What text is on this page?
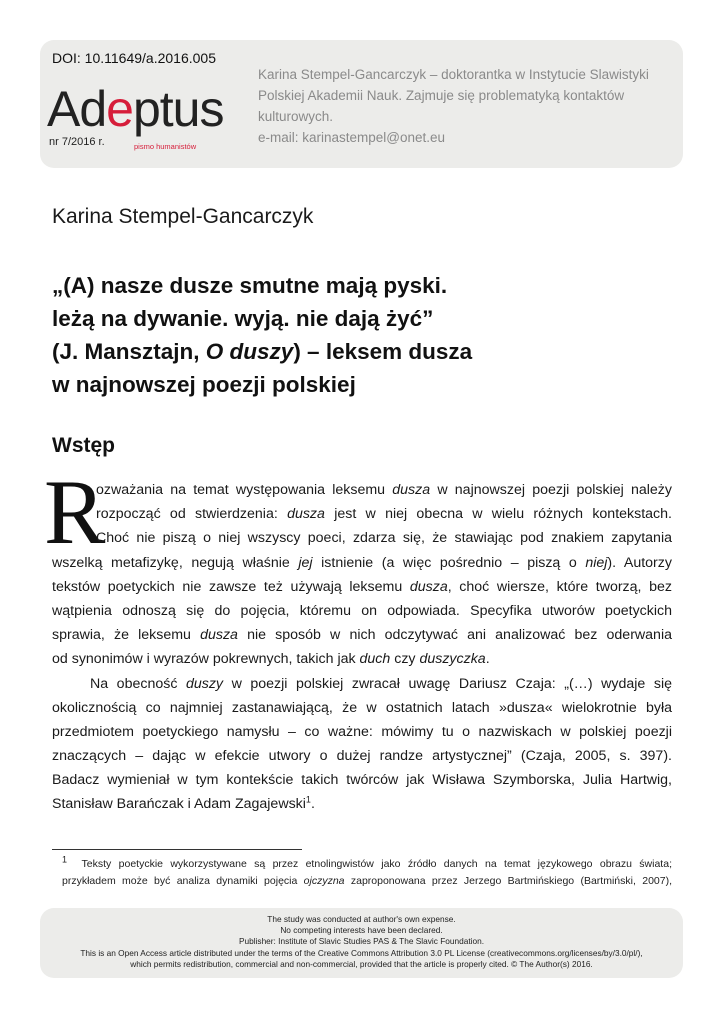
DOI: 10.11649/a.2016.005
Adeptus
nr 7/2016 r.	pismo humanistów
Karina Stempel-Gancarczyk – doktorantka w Instytucie Slawistyki
Polskiej Akademii Nauk. Zajmuje się problematyką kontaktów
kulturowych.
e-mail: karinastempel@onet.eu
Karina Stempel-Gancarczyk
„(A) nasze dusze smutne mają pyski.
leżą na dywanie. wyją. nie dają żyć”
(J. Mansztajn, O duszy) – leksem dusza
w najnowszej poezji polskiej
Wstęp
R
ozważania na temat występowania leksemu dusza w najnowszej poezji polskiej należy
rozpocząć od stwierdzenia: dusza jest w niej obecna w wielu różnych kontekstach.
Choć nie piszą o niej wszyscy poeci, zdarza się, że stawiając pod znakiem zapytania
wszelką metafizykę, negują właśnie jej istnienie (a więc pośrednio – piszą o niej). Autorzy
tekstów poetyckich nie zawsze też używają leksemu dusza, choć wiersze, które tworzą, bez
wątpienia odnoszą się do pojęcia, któremu on odpowiada. Specyfika utworów poetyckich
sprawia, że leksemu dusza nie sposób w nich odczytywać ani analizować bez oderwania
od synonimów i wyrazów pokrewnych, takich jak duch czy duszyczka.
Na obecność duszy w poezji polskiej zwracał uwagę Dariusz Czaja: „(…) wydaje się
okolicznością co najmniej zastanawiającą, że w ostatnich latach »dusza« wielokrotnie była
przedmiotem poetyckiego namysłu – co ważne: mówimy tu o nazwiskach w polskiej poezji
znaczących – dając w efekcie utwory o dużej randze artystycznej” (Czaja, 2005, s. 397).
Badacz wymieniał w tym kontekście takich twórców jak Wisława Szymborska, Julia Hartwig,
Stanisław Barańczak i Adam Zagajewski$^1$.
$^1$ Teksty poetyckie wykorzystywane są przez etnolingwistów jako źródło danych na temat językowego obrazu świata;
przykładem może być analiza dynamiki pojęcia ojczyzna zaproponowana przez Jerzego Bartmińskiego (Bartmiński, 2007),
The study was conducted at author's own expense.
No competing interests have been declared.
Publisher: Institute of Slavic Studies PAS & The Slavic Foundation.
This is an Open Access article distributed under the terms of the Creative Commons Attribution 3.0 PL License (creativecommons.org/licenses/by/3.0/pl/),
which permits redistribution, commercial and non-commercial, provided that the article is properly cited. © The Author(s) 2016.
